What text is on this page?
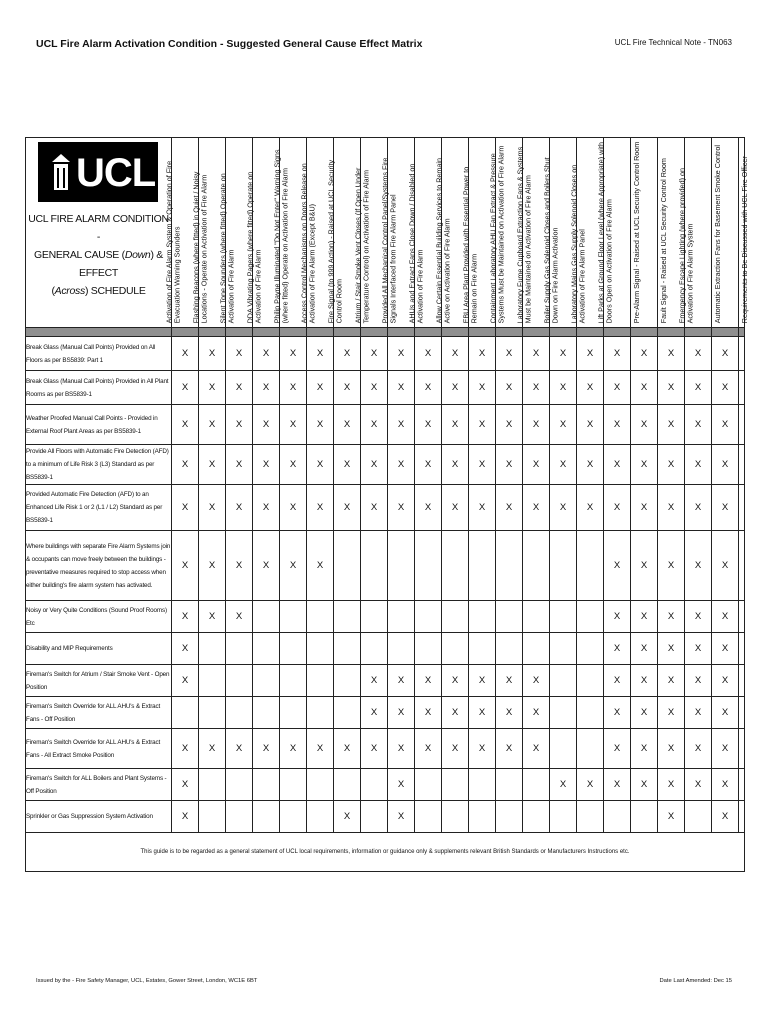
UCL Fire Alarm Activation Condition - Suggested General Cause Effect Matrix	UCL Fire Technical Note - TN063
UCL
UCL FIRE ALARM CONDITION -
GENERAL CAUSE (Down) & EFFECT
(Across) SCHEDULE	Activation of Fire Alarm System & Operation of Fire Evacuation Warning Sounders	Flashing Beacons (where fitted) in Quiet / Noisy Locations - Operate on Activation of Fire Alarm	Silent Tone Sounders (where fitted) Operate on Activation of Fire Alarm	DDA Vibrating Pagers (where fitted) Operate on Activation of Fire Alarm	Philip Payne Illuminated "Do Not Enter" Warning Signs (where fitted) Operate on Activation of Fire Alarm	Access Control Mechanisms on Doors Release on Activation of Fire Alarm (Except B&U)	Fire Signal (to 999 Action) - Raised at UCL Security Control Room	Atrium / Stair Smoke Vent Closes (If Open Under Temperature Control) on Activation of Fire Alarm	Provided All Mechanical Control Panel/Systems Fire Signals Interfaced from Fire Alarm Panel	AHUs and Extract Fans Close Down / Disabled on Activation of Fire Alarm	Allow Certain Essential Building Services to Remain Active on Activation of Fire Alarm	EBU Area Plant Provided with Essential Power to Remain on Fire Alarm	Containment Laboratory AHU Fan Extract & Pressure Systems Must be Maintained on Activation of Fire Alarm	Laboratory Fume Cupboard Extraction Fans & Systems Must be Maintained on Activation of Fire Alarm	Boiler Supply Gas Solenoid Closes and Boilers Shut Down on Fire Alarm Activation	Laboratory Mains Gas Supply Solenoid Closes on Activation of Fire Alarm Panel	Lift Parks at Ground Floor Level (where Appropriate) with Doors Open on Activation of Fire Alarm	Pre-Alarm Signal - Raised at UCL Security Control Room	Fault Signal - Raised at UCL Security Control Room	Emergency Escape Lighting (where provided) on Activation of Fire Alarm System	Automatic Extraction Fans for Basement Smoke Control	Requirements to Be Discussed with UCL Fire Officer

Break Glass (Manual Call Points) Provided on All Floors as per BS5839: Part 1	X	X	X	X	X	X	X	X	X	X	X	X	X	X	X	X	X	X	X	X	X	
Break Glass (Manual Call Points) Provided in All Plant Rooms as per BS5839-1	X	X	X	X	X	X	X	X	X	X	X	X	X	X	X	X	X	X	X	X	X	
Weather Proofed Manual Call Points - Provided in External Roof Plant Areas as per BS5839-1	X	X	X	X	X	X	X	X	X	X	X	X	X	X	X	X	X	X	X	X	X	
Provide All Floors with Automatic Fire Detection (AFD) to a minimum of Life Risk 3 (L3) Standard as per BS5839-1	X	X	X	X	X	X	X	X	X	X	X	X	X	X	X	X	X	X	X	X	X	
Provided Automatic Fire Detection (AFD) to an Enhanced Life Risk 1 or 2 (L1 / L2) Standard as per BS5839-1	X	X	X	X	X	X	X	X	X	X	X	X	X	X	X	X	X	X	X	X	X	
Where buildings with separate Fire Alarm Systems join & occupants can move freely between the buildings - preventative measures required to stop access when either building's fire alarm system has activated.	X	X	X	X	X	X											X	X	X	X	X	
Noisy or Very Quite Conditions (Sound Proof Rooms) Etc	X	X	X														X	X	X	X	X	
Disability and MIP Requirements	X																X	X	X	X	X	
Fireman's Switch for Atrium / Stair Smoke Vent - Open Position	X							X	X	X	X	X	X	X			X	X	X	X	X	
Fireman's Switch Override for ALL AHU's & Extract Fans - Off Position								X	X	X	X	X	X	X			X	X	X	X	X	
Fireman's Switch Override for ALL AHU's & Extract Fans - All Extract Smoke Position	X	X	X	X	X	X	X	X	X	X	X	X	X	X			X	X	X	X	X	
Fireman's Switch for ALL Boilers and Plant Systems - Off Position	X								X						X	X	X	X	X	X	X	
Sprinkler or Gas Suppression System Activation	X						X		X										X		X	
This guide is to be regarded as a general statement of UCL local requirements, information or guidance only & supplements relevant British Standards or Manufacturers Instructions etc.																						
Issued by the - Fire Safety Manager, UCL, Estates, Gower Street, London, WC1E 6BT	Date Last Amended: Dec 15
